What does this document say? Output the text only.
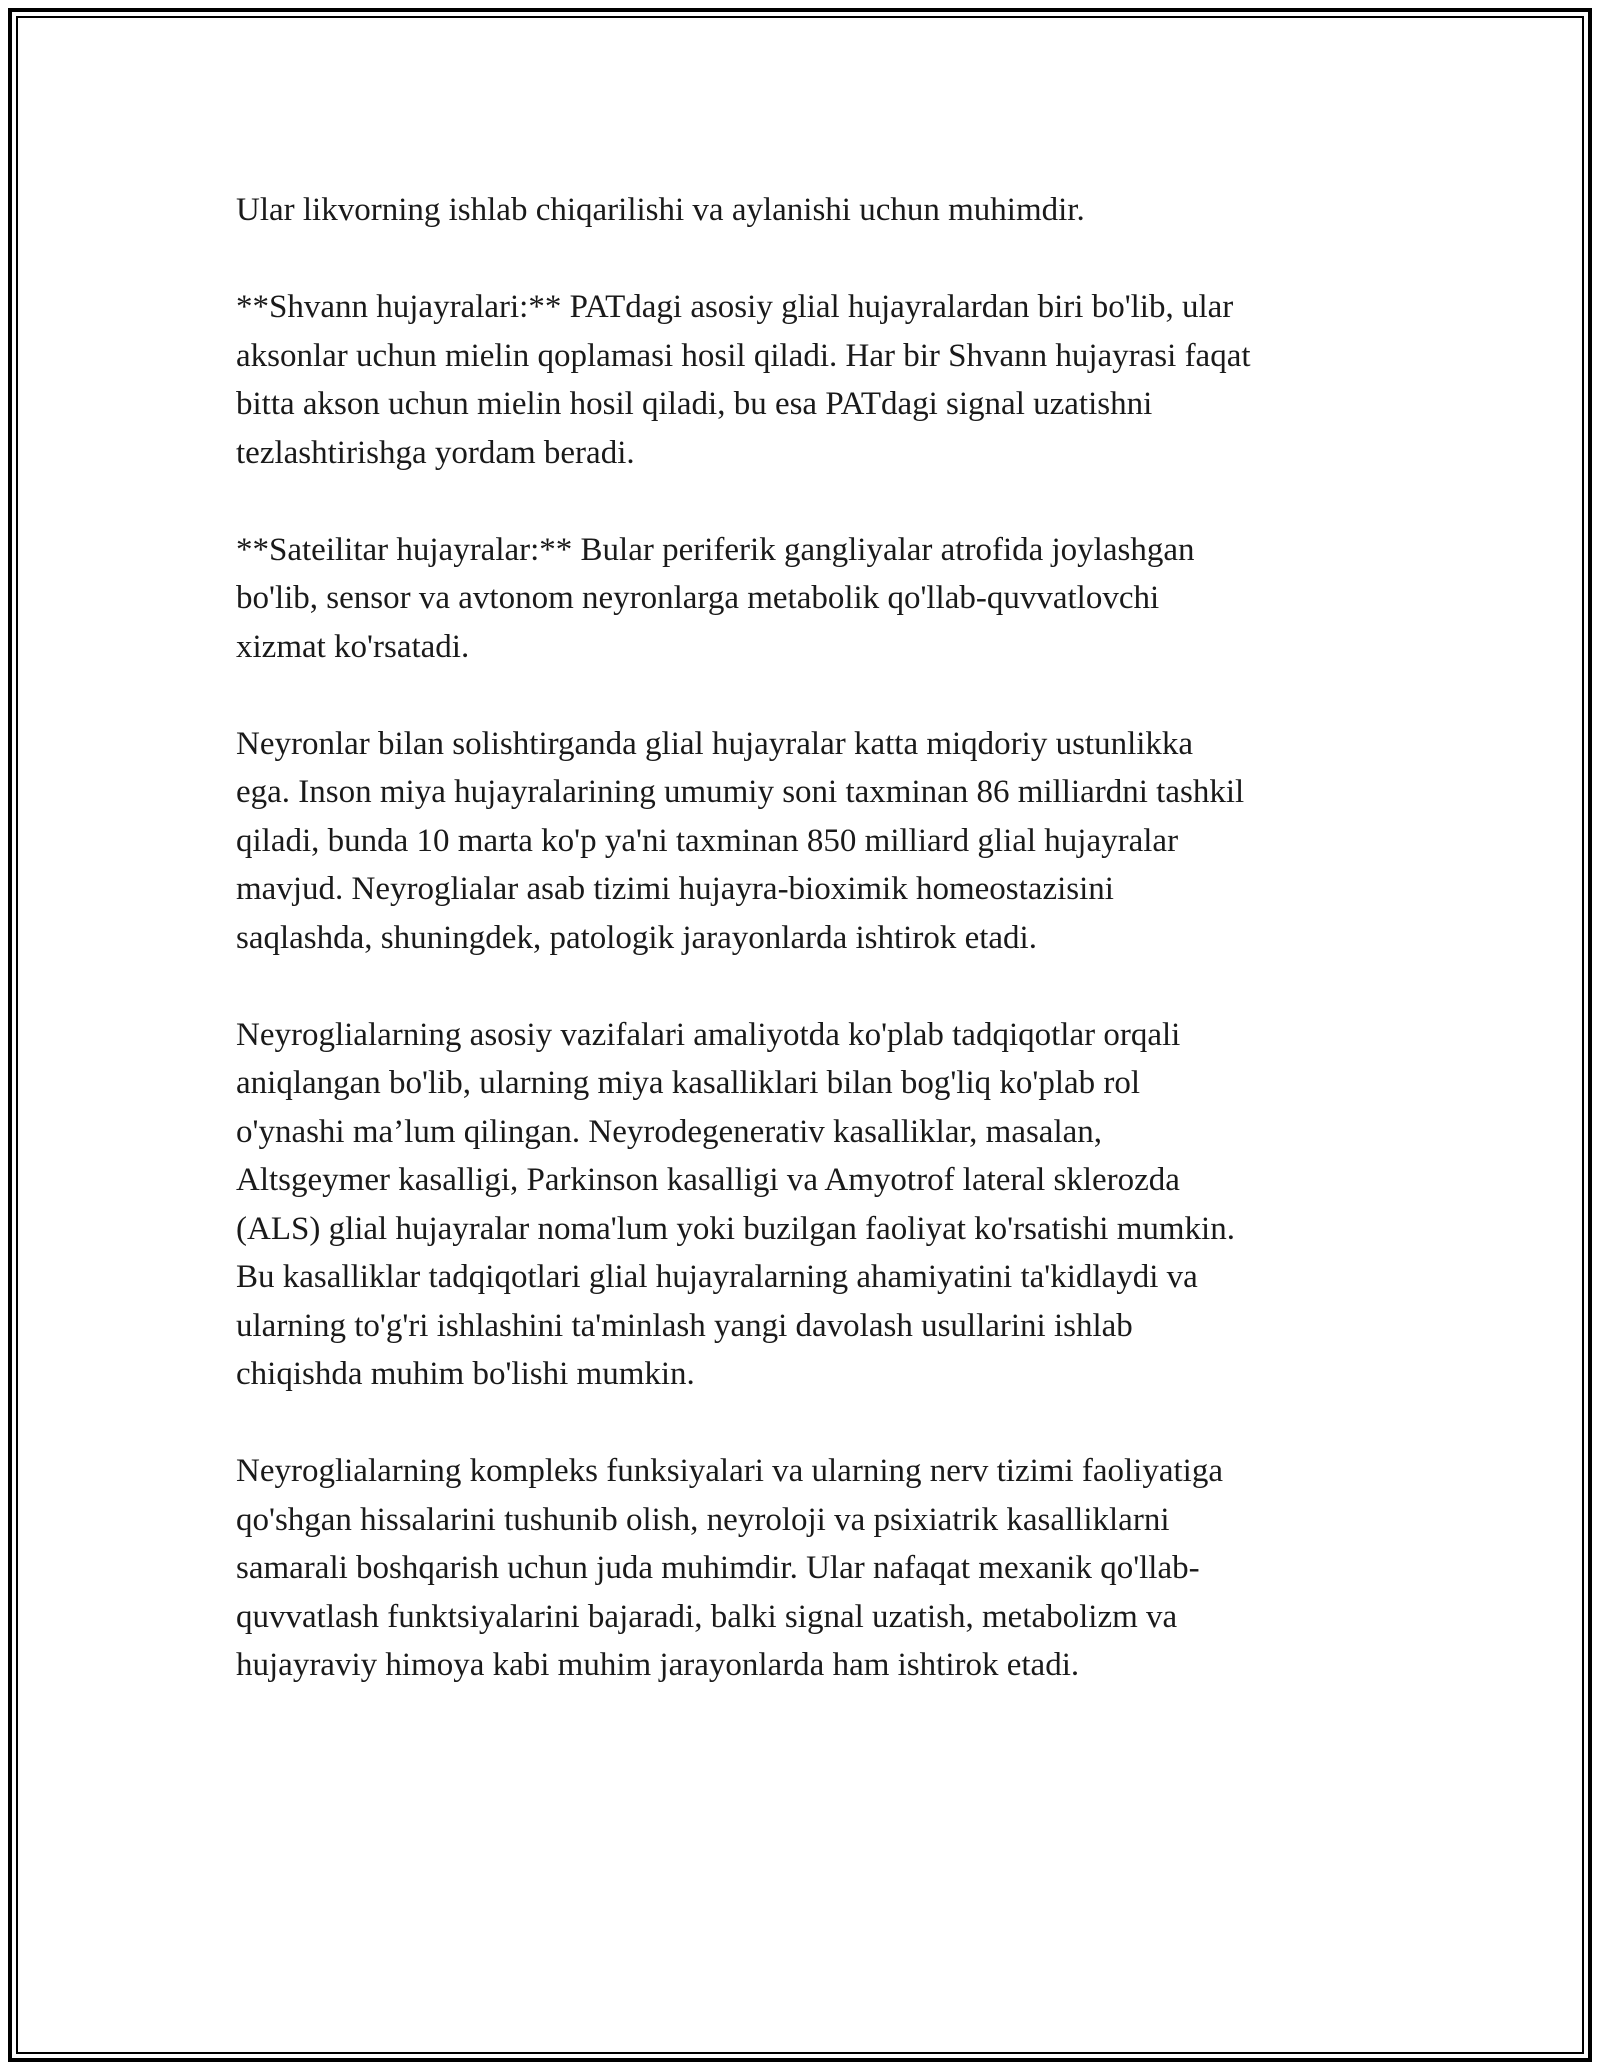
Ular likvorning ishlab chiqarilishi va aylanishi uchun muhimdir.

**Shvann hujayralari:** PATdagi asosiy glial hujayralardan biri bo'lib, ular
aksonlar uchun mielin qoplamasi hosil qiladi. Har bir Shvann hujayrasi faqat
bitta akson uchun mielin hosil qiladi, bu esa PATdagi signal uzatishni
tezlashtirishga yordam beradi.

**Sateilitar hujayralar:** Bular periferik gangliyalar atrofida joylashgan
bo'lib, sensor va avtonom neyronlarga metabolik qo'llab-quvvatlovchi
xizmat ko'rsatadi.

Neyronlar bilan solishtirganda glial hujayralar katta miqdoriy ustunlikka
ega. Inson miya hujayralarining umumiy soni taxminan 86 milliardni tashkil
qiladi, bunda 10 marta ko'p ya'ni taxminan 850 milliard glial hujayralar
mavjud. Neyroglialar asab tizimi hujayra-bioximik homeostazisini
saqlashda, shuningdek, patologik jarayonlarda ishtirok etadi.

Neyroglialarning asosiy vazifalari amaliyotda ko'plab tadqiqotlar orqali
aniqlangan bo'lib, ularning miya kasalliklari bilan bog'liq ko'plab rol
o'ynashi ma’lum qilingan. Neyrodegenerativ kasalliklar, masalan,
Altsgeymer kasalligi, Parkinson kasalligi va Amyotrof lateral sklerozda
(ALS) glial hujayralar noma'lum yoki buzilgan faoliyat ko'rsatishi mumkin.
Bu kasalliklar tadqiqotlari glial hujayralarning ahamiyatini ta'kidlaydi va
ularning to'g'ri ishlashini ta'minlash yangi davolash usullarini ishlab
chiqishda muhim bo'lishi mumkin.

Neyroglialarning kompleks funksiyalari va ularning nerv tizimi faoliyatiga
qo'shgan hissalarini tushunib olish, neyroloji va psixiatrik kasalliklarni
samarali boshqarish uchun juda muhimdir. Ular nafaqat mexanik qo'llab-
quvvatlash funktsiyalarini bajaradi, balki signal uzatish, metabolizm va
hujayraviy himoya kabi muhim jarayonlarda ham ishtirok etadi.
